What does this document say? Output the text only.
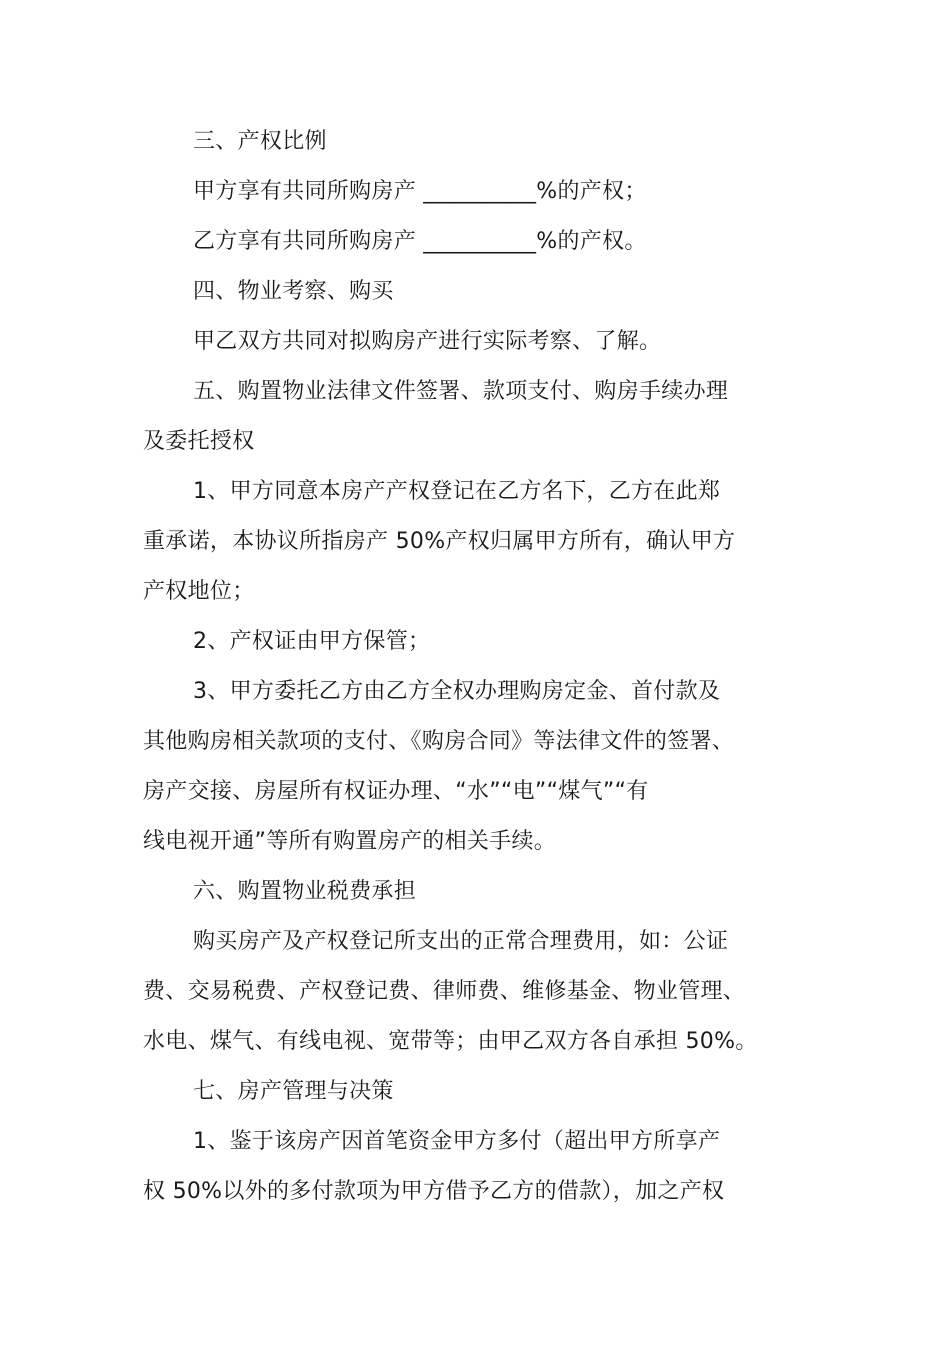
三、产权比例
甲方享有共同所购房产 __________%的产权；
乙方享有共同所购房产 __________%的产权。
四、物业考察、购买
甲乙双方共同对拟购房产进行实际考察、了解。
五、购置物业法律文件签署、款项支付、购房手续办理
及委托授权
1、甲方同意本房产产权登记在乙方名下，乙方在此郑
重承诺，本协议所指房产 50%产权归属甲方所有，确认甲方
产权地位；
2、产权证由甲方保管；
3、甲方委托乙方由乙方全权办理购房定金、首付款及
其他购房相关款项的支付、《购房合同》等法律文件的签署、
房产交接、房屋所有权证办理、“水”“电”“煤气”“有
线电视开通”等所有购置房产的相关手续。
六、购置物业税费承担
购买房产及产权登记所支出的正常合理费用，如：公证
费、交易税费、产权登记费、律师费、维修基金、物业管理、
水电、煤气、有线电视、宽带等；由甲乙双方各自承担 50%。
七、房产管理与决策
1、鉴于该房产因首笔资金甲方多付（超出甲方所享产
权 50%以外的多付款项为甲方借予乙方的借款），加之产权
